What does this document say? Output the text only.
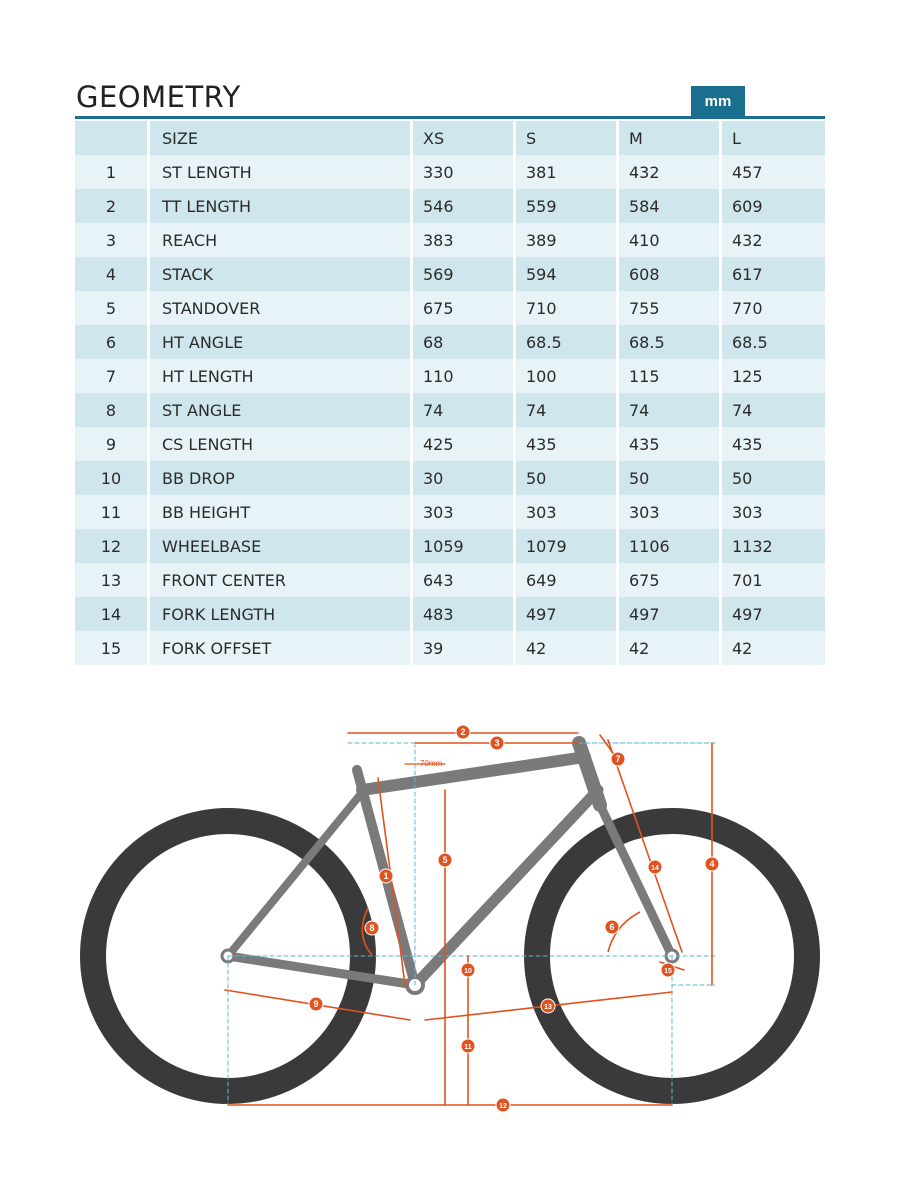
GEOMETRY	mm
	SIZE	XS	S	M	L
1	ST LENGTH	330	381	432	457
2	TT LENGTH	546	559	584	609
3	REACH	383	389	410	432
4	STACK	569	594	608	617
5	STANDOVER	675	710	755	770
6	HT ANGLE	68	68.5	68.5	68.5
7	HT LENGTH	110	100	115	125
8	ST ANGLE	74	74	74	74
9	CS LENGTH	425	435	435	435
10	BB DROP	30	50	50	50
11	BB HEIGHT	303	303	303	303
12	WHEELBASE	1059	1079	1106	1132
13	FRONT CENTER	643	649	675	701
14	FORK LENGTH	483	497	497	497
15	FORK OFFSET	39	42	42	42
70mm
1
2
3
4
5
6
7
8
9
10
11
12
13
14
15
